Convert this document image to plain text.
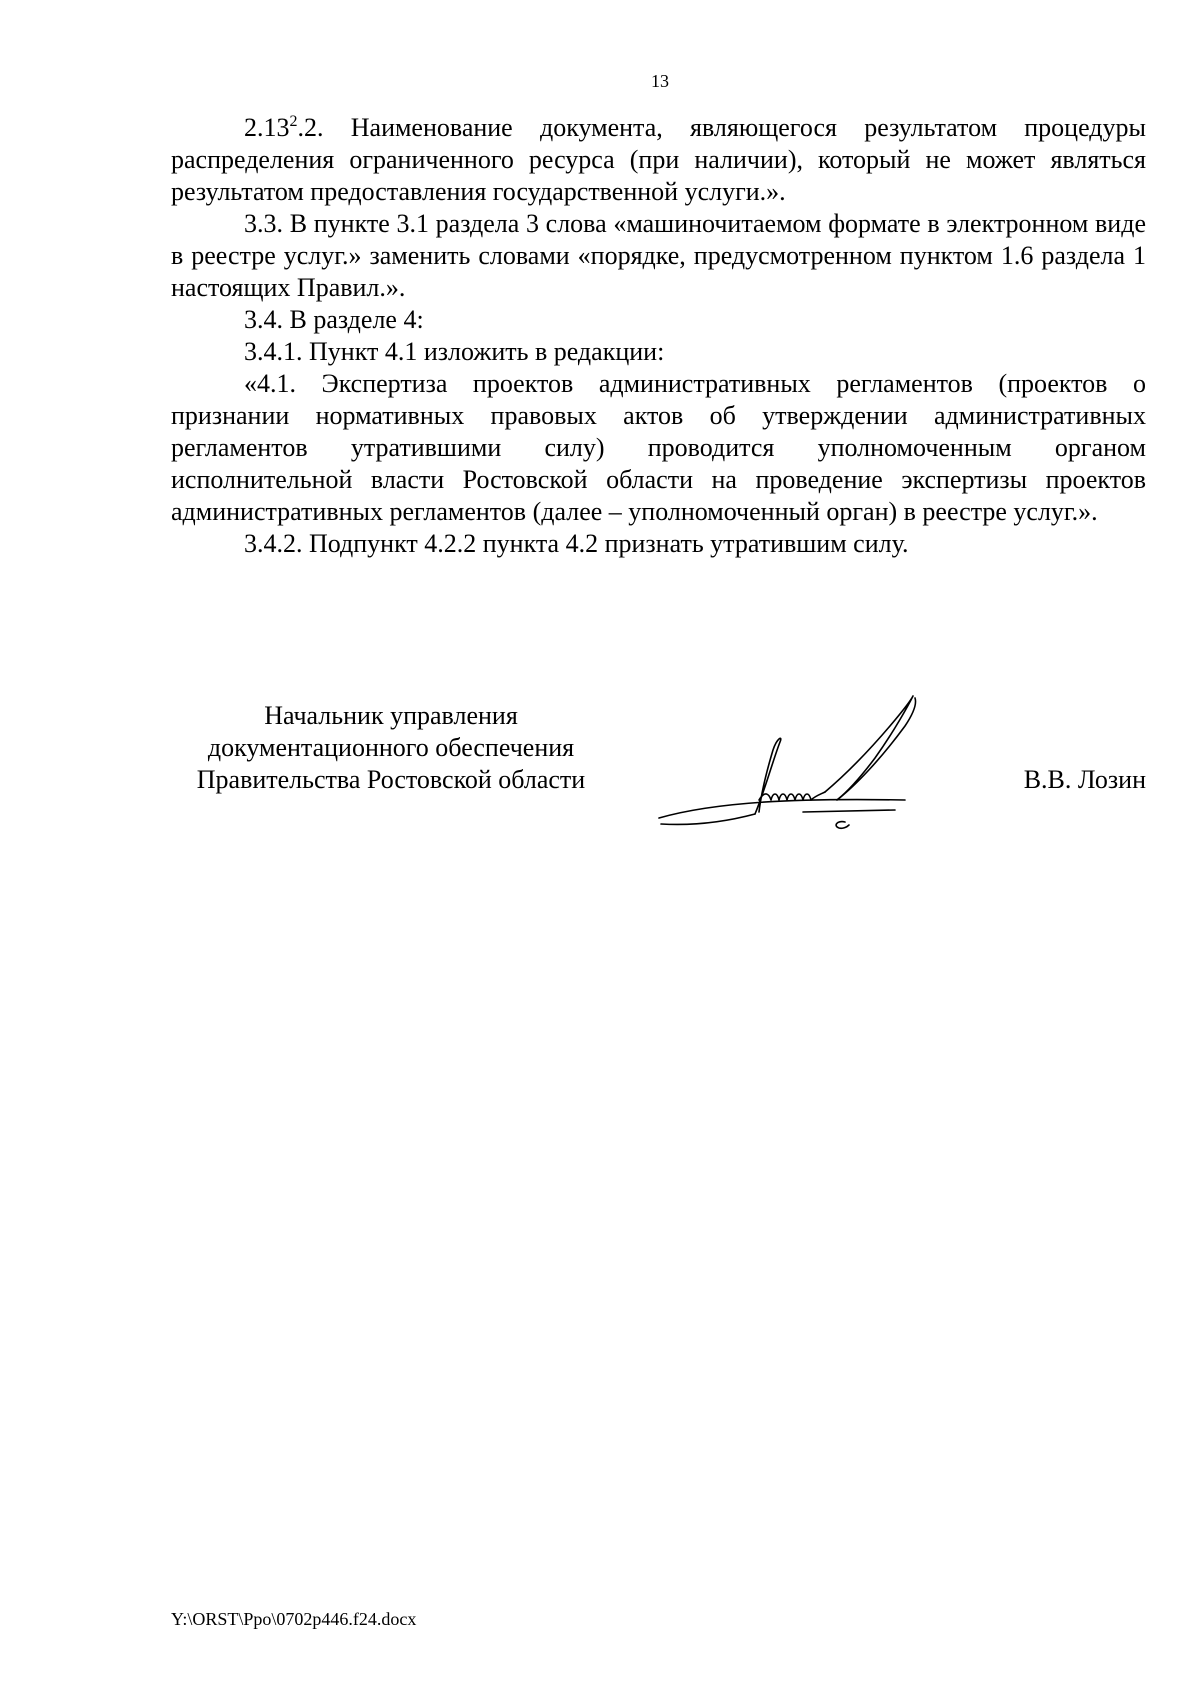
13

2.13$^2$.2. Наименование документа, являющегося результатом процедуры распределения ограниченного ресурса (при наличии), который не может являться результатом предоставления государственной услуги.».

3.3. В пункте 3.1 раздела 3 слова «машиночитаемом формате в электронном виде в реестре услуг.» заменить словами «порядке, предусмотренном пунктом 1.6 раздела 1 настоящих Правил.».

3.4. В разделе 4:

3.4.1. Пункт 4.1 изложить в редакции:

«4.1. Экспертиза проектов административных регламентов (проектов о признании нормативных правовых актов об утверждении административных регламентов утратившими силу) проводится уполномоченным органом исполнительной власти Ростовской области на проведение экспертизы проектов административных регламентов (далее – уполномоченный орган) в реестре услуг.».

3.4.2. Подпункт 4.2.2 пункта 4.2 признать утратившим силу.

Начальник управления
документационного обеспечения
Правительства Ростовской области	В.В. Лозин
Y:\ORST\Ppo\0702p446.f24.docx
